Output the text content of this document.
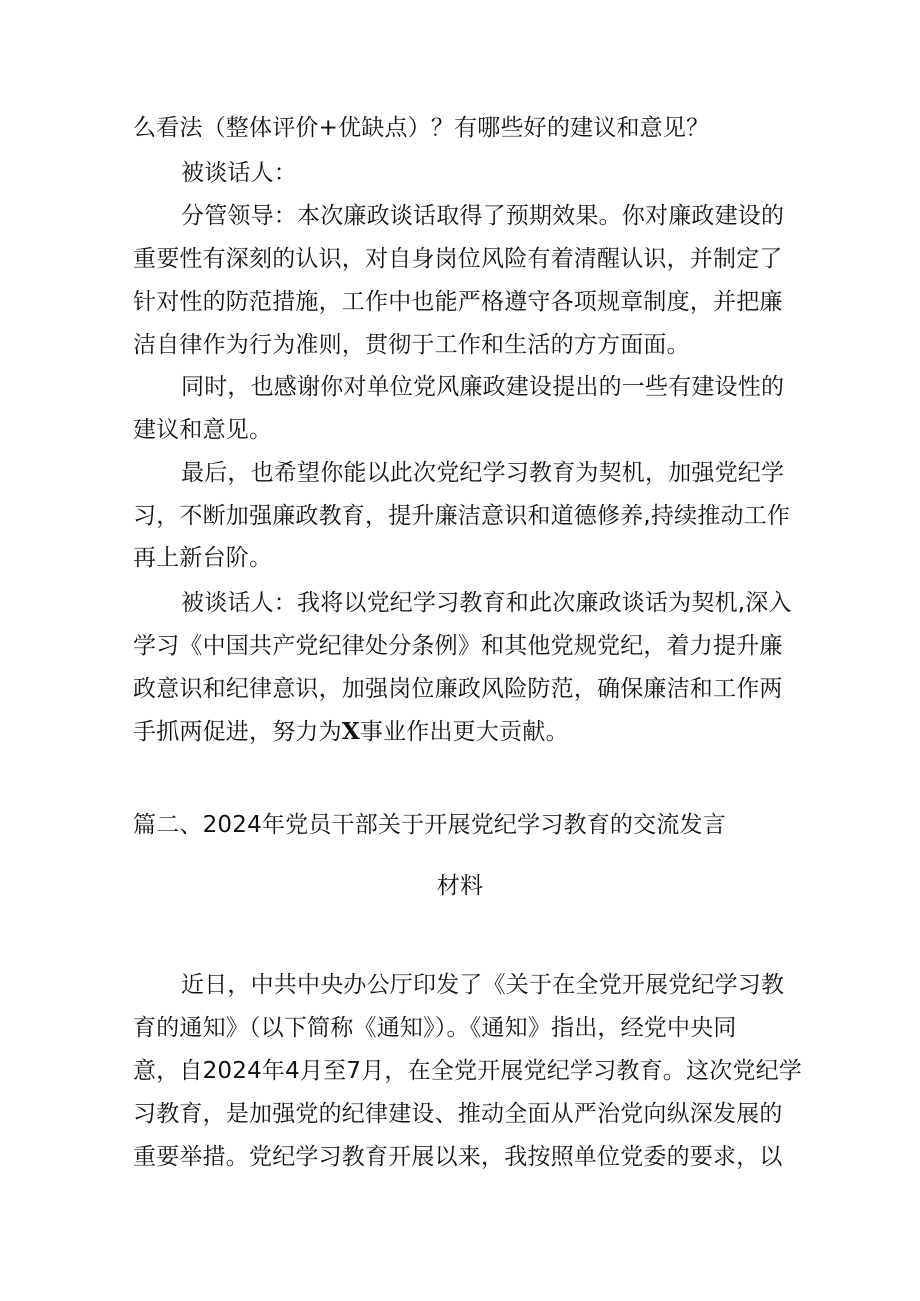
么看法（整体评价+优缺点）？有哪些好的建议和意见？
被谈话人：
分管领导：本次廉政谈话取得了预期效果。你对廉政建设的
重要性有深刻的认识，对自身岗位风险有着清醒认识，并制定了
针对性的防范措施，工作中也能严格遵守各项规章制度，并把廉
洁自律作为行为准则，贯彻于工作和生活的方方面面。
同时，也感谢你对单位党风廉政建设提出的一些有建设性的
建议和意见。
最后，也希望你能以此次党纪学习教育为契机，加强党纪学
习，不断加强廉政教育，提升廉洁意识和道德修养,持续推动工作
再上新台阶。
被谈话人：我将以党纪学习教育和此次廉政谈话为契机,深入
学习《中国共产党纪律处分条例》和其他党规党纪，着力提升廉
政意识和纪律意识，加强岗位廉政风险防范，确保廉洁和工作两
手抓两促进，努力为X事业作出更大贡献。
篇二、2024年党员干部关于开展党纪学习教育的交流发言
材料
近日，中共中央办公厅印发了《关于在全党开展党纪学习教
育的通知》（以下简称《通知》）。《通知》指出，经党中央同
意，自2024年4月至7月，在全党开展党纪学习教育。这次党纪学
习教育，是加强党的纪律建设、推动全面从严治党向纵深发展的
重要举措。党纪学习教育开展以来，我按照单位党委的要求，以
